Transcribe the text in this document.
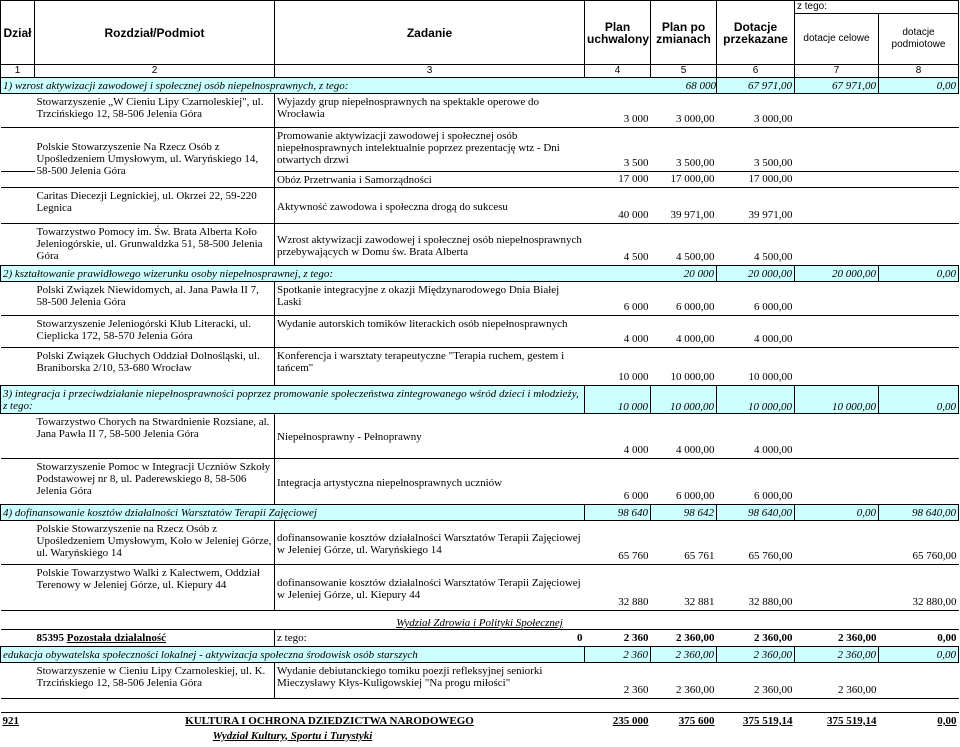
Dział	Rozdział/Podmiot	Zadanie	Plan uchwalony	Plan po zmianach	Dotacje przekazane	z tego:	
						dotacje celowe	dotacje podmiotowe
1	2	3	4	5	6	7	8

1) wzrost aktywizacji zawodowej i społecznej osób niepełnosprawnych, z tego: 68 000					67 971,00	67 971,00	0,00
	Stowarzyszenie „W Cieniu Lipy Czarnoleskiej", ul. Trzcińskiego 12, 58-506 Jelenia Góra	Wyjazdy grup niepełnosprawnych na spektakle operowe do Wrocławia	3 000	3 000,00	3 000,00		
	Polskie Stowarzyszenie Na Rzecz Osób z Upośledzeniem Umysłowym, ul. Waryńskiego 14, 58-500 Jelenia Góra	Promowanie aktywizacji zawodowej i społecznej osób niepełnosprawnych intelektualnie poprzez prezentację wtz - Dni otwartych drzwi	3 500	3 500,00	3 500,00		
		Obóz Przetrwania i Samorządności	17 000	17 000,00	17 000,00		
	Caritas Diecezji Legnickiej, ul. Okrzei 22, 59-220 Legnica	Aktywność zawodowa i społeczna drogą do sukcesu	40 000	39 971,00	39 971,00		
	Towarzystwo Pomocy im. Św. Brata Alberta Koło Jeleniogórskie, ul. Grunwaldzka 51, 58-500 Jelenia Góra	Wzrost aktywizacji zawodowej i społecznej osób niepełnosprawnych przebywających w Domu św. Brata Alberta	4 500	4 500,00	4 500,00		

2) kształtowanie prawidłowego wizerunku osoby niepełnosprawnej, z tego: 20 000					20 000,00	20 000,00	0,00
	Polski Związek Niewidomych, al. Jana Pawła II 7, 58-500 Jelenia Góra	Spotkanie integracyjne z okazji Międzynarodowego Dnia Białej Laski	6 000	6 000,00	6 000,00		
	Stowarzyszenie Jeleniogórski Klub Literacki, ul. Cieplicka 172, 58-570 Jelenia Góra	Wydanie autorskich tomików literackich osób niepełnosprawnych	4 000	4 000,00	4 000,00		
	Polski Związek Głuchych Oddział Dolnośląski, ul. Braniborska 2/10, 53-680 Wrocław	Konferencja i warsztaty terapeutyczne "Terapia ruchem, gestem i tańcem"	10 000	10 000,00	10 000,00		
3) integracja i przeciwdziałanie niepełnosprawności poprzez promowanie społeczeństwa zintegrowanego wśród dzieci i młodzieży, z tego:			10 000	10 000,00	10 000,00	10 000,00	0,00
	Towarzystwo Chorych na Stwardnienie Rozsiane, al. Jana Pawła II 7, 58-500 Jelenia Góra	Niepełnosprawny - Pełnoprawny	4 000	4 000,00	4 000,00		
	Stowarzyszenie Pomoc w Integracji Uczniów Szkoły Podstawowej nr 8, ul. Paderewskiego 8, 58-506 Jelenia Góra	Integracja artystyczna niepełnosprawnych uczniów	6 000	6 000,00	6 000,00		
4) dofinansowanie kosztów działalności Warsztatów Terapii Zajęciowej			98 640	98 642	98 640,00	0,00	98 640,00
	Polskie Stowarzyszenie na Rzecz Osób z Upośledzeniem Umysłowym, Koło w Jeleniej Górze, ul. Waryńskiego 14	dofinansowanie kosztów działalności Warsztatów Terapii Zajęciowej w Jeleniej Górze, ul. Waryńskiego 14	65 760	65 761	65 760,00		65 760,00
	Polskie Towarzystwo Walki z Kalectwem, Oddział Terenowy w Jeleniej Górze, ul. Kiepury 44	dofinansowanie kosztów działalności Warsztatów Terapii Zajęciowej w Jeleniej Górze, ul. Kiepury 44	32 880	32 881	32 880,00		32 880,00
Wydział Zdrowia i Polityki Społecznej							
	85395 Pozostała działalność	z tego: 0	2 360	2 360,00	2 360,00	2 360,00	0,00
edukacja obywatelska społeczności lokalnej - aktywizacja społeczna środowisk osób starszych			2 360	2 360,00	2 360,00	2 360,00	0,00
	Stowarzyszenie w Cieniu Lipy Czarnoleskiej, ul. K. Trzcińskiego 12, 58-506 Jelenia Góra	Wydanie debiutanckiego tomiku poezji refleksyjnej seniorki Mieczysławy Kłys-Kuligowskiej "Na progu miłości"	2 360	2 360,00	2 360,00	2 360,00	

921	KULTURA I OCHRONA DZIEDZICTWA NARODOWEGO		235 000	375 600	375 519,14	375 519,14	0,00
Wydział Kultury, Sportu i Turystyki							
